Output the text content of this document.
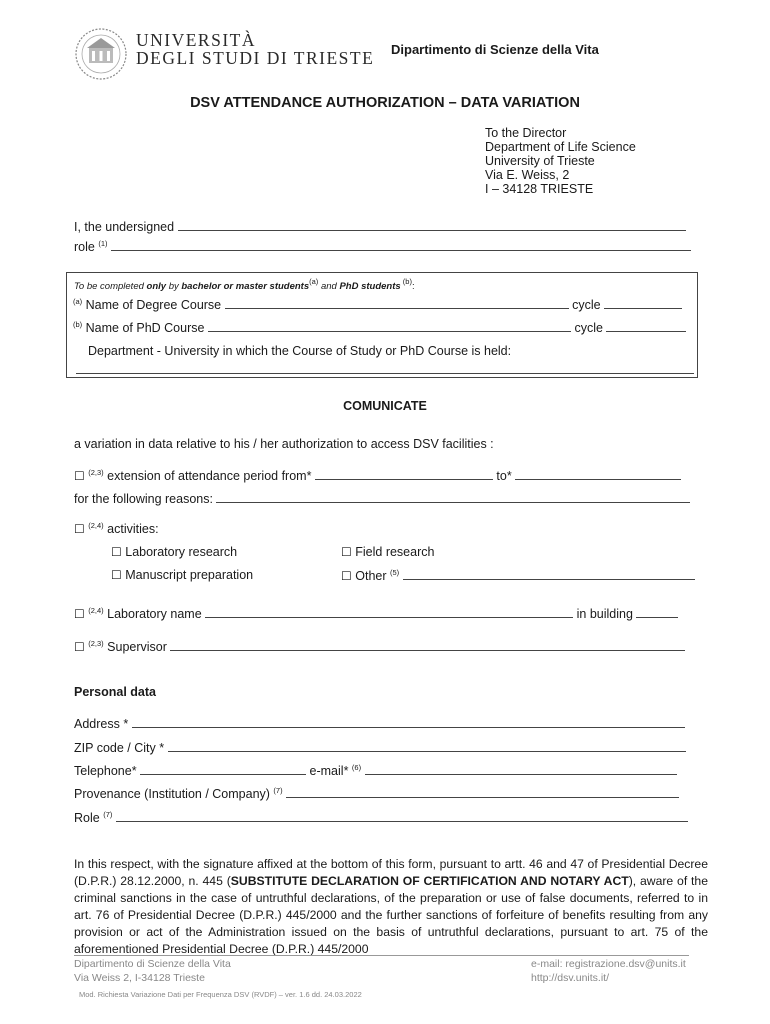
UNIVERSITÀ
DEGLI STUDI DI TRIESTE Dipartimento di Scienze della Vita
DSV ATTENDANCE AUTHORIZATION – DATA VARIATION
To the Director
Department of Life Science
University of Trieste
Via E. Weiss, 2
I – 34128 TRIESTE
I, the undersigned
role $^{(1)}$
To be completed only by bachelor or master students$^{(a)}$ and PhD students $^{(b)}$:
$^{(a)}$ Name of Degree Course	cycle
$^{(b)}$ Name of PhD Course	cycle
Department - University in which the Course of Study or PhD Course is held:
COMUNICATE
a variation in data relative to his / her authorization to access DSV facilities :
☐ $^{(2,3)}$ extension of attendance period from*	to*
for the following reasons:
☐ $^{(2,4)}$ activities:
☐ Laboratory research	☐ Field research
☐ Manuscript preparation	☐ Other $^{(5)}$
☐ $^{(2,4)}$ Laboratory name	in building
☐ $^{(2,3)}$ Supervisor
Personal data
Address *
ZIP code / City *
Telephone*	e-mail* $^{(6)}$
Provenance (Institution / Company) $^{(7)}$
Role $^{(7)}$
In this respect, with the signature affixed at the bottom of this form, pursuant to artt. 46 and 47 of Presidential Decree (D.P.R.) 28.12.2000, n. 445 (SUBSTITUTE DECLARATION OF CERTIFICATION AND NOTARY ACT), aware of the criminal sanctions in the case of untruthful declarations, of the preparation or use of false documents, referred to in art. 76 of Presidential Decree (D.P.R.) 445/2000 and the further sanctions of forfeiture of benefits resulting from any provision or act of the Administration issued on the basis of untruthful declarations, pursuant to art. 75 of the aforementioned Presidential Decree (D.P.R.) 445/2000
Dipartimento di Scienze della Vita
Via Weiss 2, I-34128 Trieste
e-mail: registrazione.dsv@units.it
http://dsv.units.it/
Mod. Richiesta Variazione Dati per Frequenza DSV (RVDF) – ver. 1.6 dd. 24.03.2022
